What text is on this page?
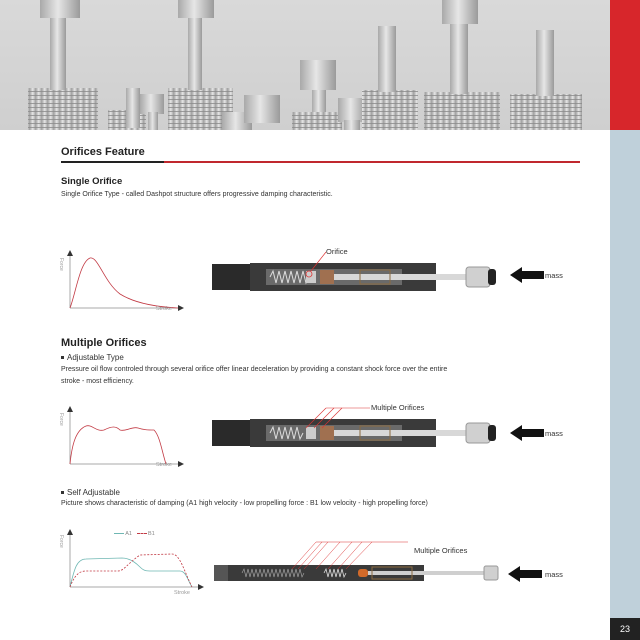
23
Orifices Feature
Single Orifice
Single Orifice Type - called Dashpot structure offers progressive damping characteristic.
Force
Stroke
Orifice
mass
Multiple Orifices
Adjustable Type
Pressure oil flow controled through several orifice offer linear deceleration by providing a constant shock force over the entire
stroke - most efficiency.
Force
Stroke
Multiple Orifices
mass
Self Adjustable
Picture shows characteristic of damping (A1 high velocity - low propelling force : B1 low velocity - high propelling force)
Force
Stroke
A1	B1
Multiple Orifices
mass
